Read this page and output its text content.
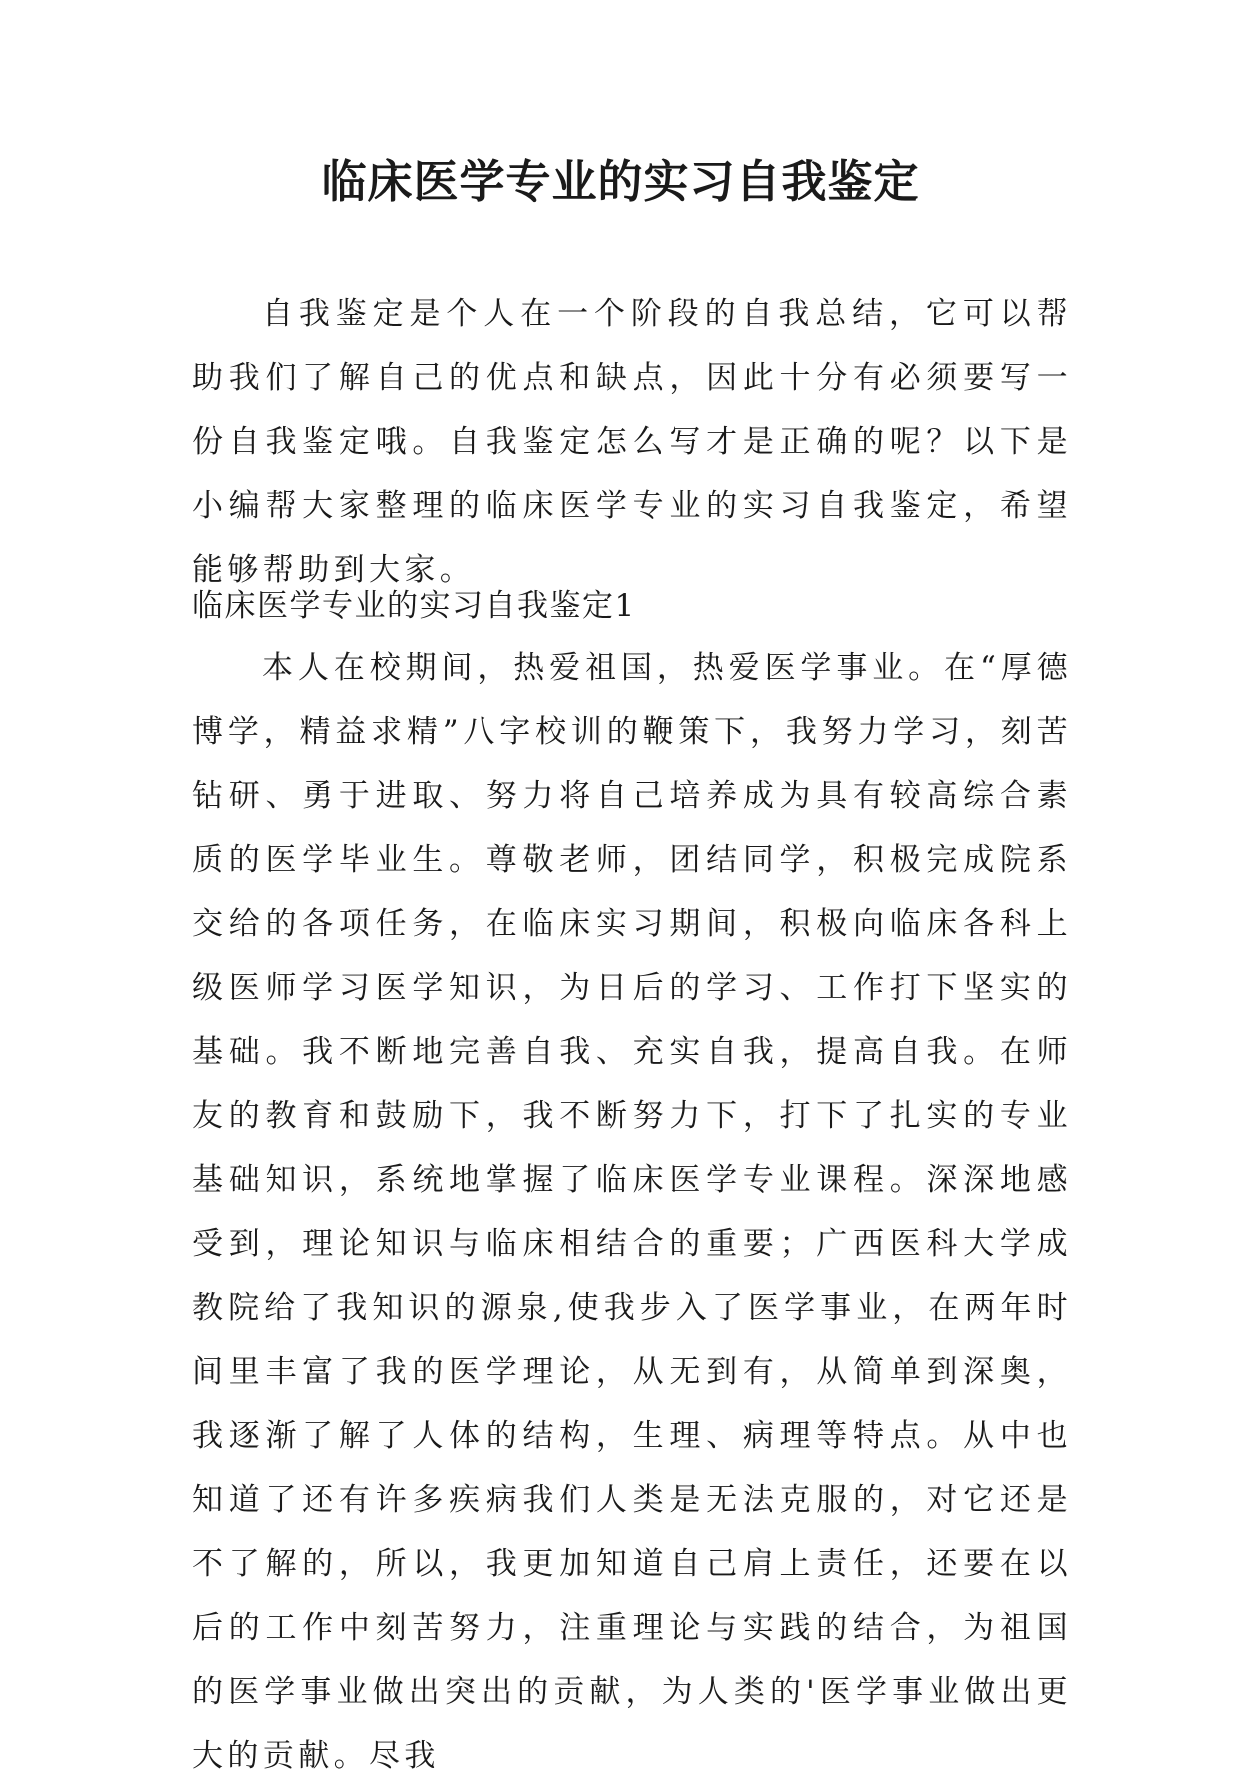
临床医学专业的实习自我鉴定

自我鉴定是个人在一个阶段的自我总结，它可以帮助我们了解自己的优点和缺点，因此十分有必须要写一份自我鉴定哦。自我鉴定怎么写才是正确的呢？以下是小编帮大家整理的临床医学专业的实习自我鉴定，希望能够帮助到大家。

临床医学专业的实习自我鉴定1

本人在校期间，热爱祖国，热爱医学事业。在“厚德博学，精益求精”八字校训的鞭策下，我努力学习，刻苦钻研、勇于进取、努力将自己培养成为具有较高综合素质的医学毕业生。尊敬老师，团结同学，积极完成院系交给的各项任务，在临床实习期间，积极向临床各科上级医师学习医学知识，为日后的学习、工作打下坚实的基础。我不断地完善自我、充实自我，提高自我。在师友的教育和鼓励下，我不断努力下，打下了扎实的专业基础知识，系统地掌握了临床医学专业课程。深深地感受到，理论知识与临床相结合的重要；广西医科大学成教院给了我知识的源泉,使我步入了医学事业，在两年时间里丰富了我的医学理论，从无到有，从简单到深奥，我逐渐了解了人体的结构，生理、病理等特点。从中也知道了还有许多疾病我们人类是无法克服的，对它还是不了解的，所以，我更加知道自己肩上责任，还要在以后的工作中刻苦努力，注重理论与实践的结合，为祖国的医学事业做出突出的贡献，为人类的'医学事业做出更大的贡献。尽我
